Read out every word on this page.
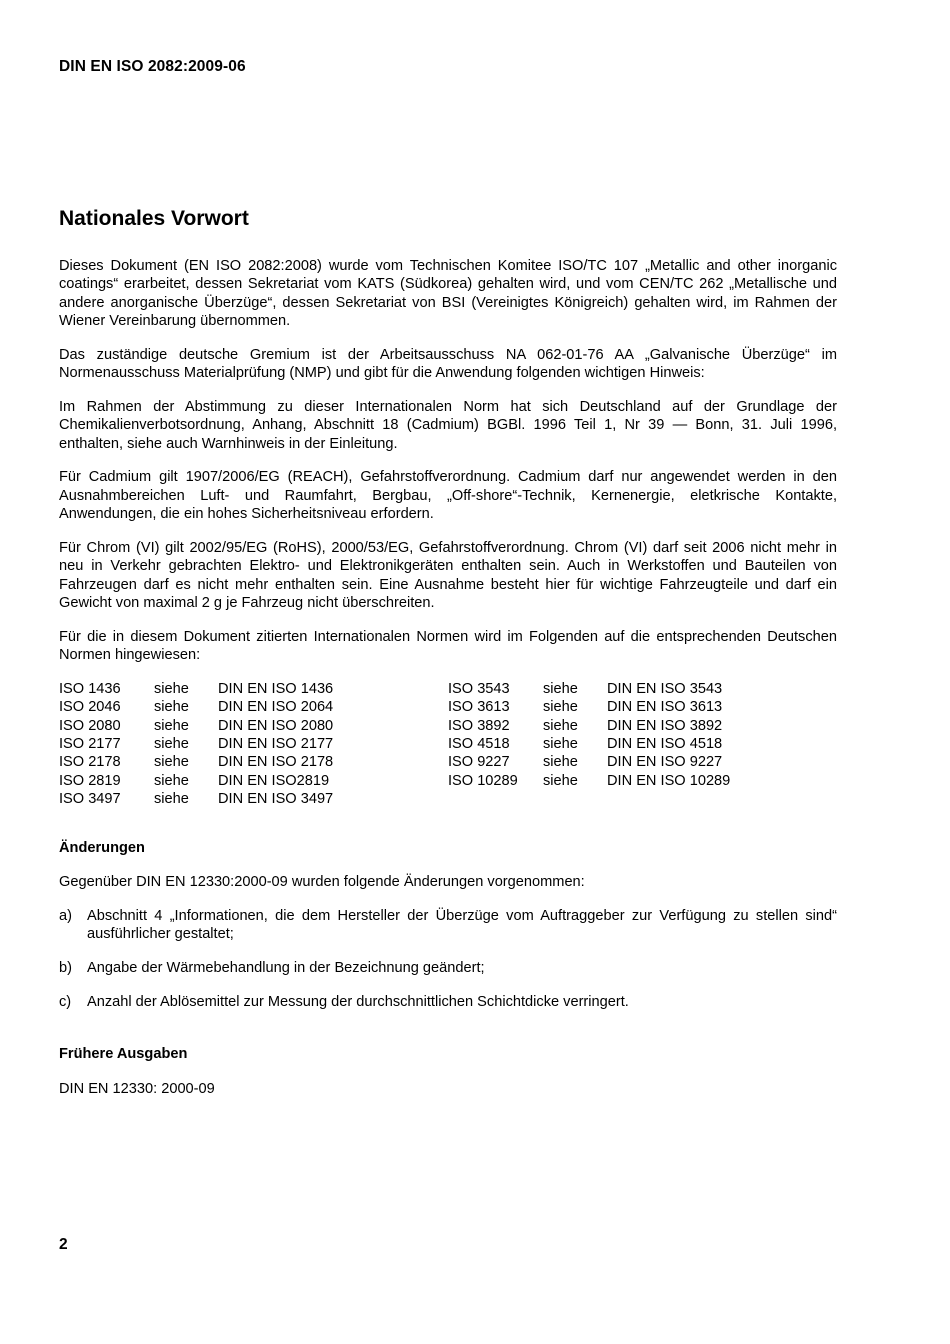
DIN EN ISO 2082:2009-06
Nationales Vorwort

Dieses Dokument (EN ISO 2082:2008) wurde vom Technischen Komitee ISO/TC 107 „Metallic and other inorganic coatings“ erarbeitet, dessen Sekretariat vom KATS (Südkorea) gehalten wird, und vom CEN/TC 262 „Metallische und andere anorganische Überzüge“, dessen Sekretariat von BSI (Vereinigtes Königreich) gehalten wird, im Rahmen der Wiener Vereinbarung übernommen.

Das zuständige deutsche Gremium ist der Arbeitsausschuss NA 062-01-76 AA „Galvanische Überzüge“ im Normenausschuss Materialprüfung (NMP) und gibt für die Anwendung folgenden wichtigen Hinweis:

Im Rahmen der Abstimmung zu dieser Internationalen Norm hat sich Deutschland auf der Grundlage der Chemikalienverbotsordnung, Anhang, Abschnitt 18 (Cadmium) BGBl. 1996 Teil 1, Nr 39 — Bonn, 31. Juli 1996, enthalten, siehe auch Warnhinweis in der Einleitung.

Für Cadmium gilt 1907/2006/EG (REACH), Gefahrstoffverordnung. Cadmium darf nur angewendet werden in den Ausnahmbereichen Luft- und Raumfahrt, Bergbau, „Off-shore“-Technik, Kernenergie, eletkrische Kontakte, Anwendungen, die ein hohes Sicherheitsniveau erfordern.

Für Chrom (VI) gilt 2002/95/EG (RoHS), 2000/53/EG, Gefahrstoffverordnung. Chrom (VI) darf seit 2006 nicht mehr in neu in Verkehr gebrachten Elektro- und Elektronikgeräten enthalten sein. Auch in Werkstoffen und Bauteilen von Fahrzeugen darf es nicht mehr enthalten sein. Eine Ausnahme besteht hier für wichtige Fahrzeugteile und darf ein Gewicht von maximal 2 g je Fahrzeug nicht überschreiten.

Für die in diesem Dokument zitierten Internationalen Normen wird im Folgenden auf die entsprechenden Deutschen Normen hingewiesen:

ISO 1436	siehe	DIN EN ISO 1436
ISO 2046	siehe	DIN EN ISO 2064
ISO 2080	siehe	DIN EN ISO 2080
ISO 2177	siehe	DIN EN ISO 2177
ISO 2178	siehe	DIN EN ISO 2178
ISO 2819	siehe	DIN EN ISO2819
ISO 3497	siehe	DIN EN ISO 3497
ISO 3543	siehe	DIN EN ISO 3543
ISO 3613	siehe	DIN EN ISO 3613
ISO 3892	siehe	DIN EN ISO 3892
ISO 4518	siehe	DIN EN ISO 4518
ISO 9227	siehe	DIN EN ISO 9227
ISO 10289	siehe	DIN EN ISO 10289
Änderungen

Gegenüber DIN EN 12330:2000-09 wurden folgende Änderungen vorgenommen:

a)	Abschnitt 4 „Informationen, die dem Hersteller der Überzüge vom Auftraggeber zur Verfügung zu stellen sind“ ausführlicher gestaltet;
b)	Angabe der Wärmebehandlung in der Bezeichnung geändert;
c)	Anzahl der Ablösemittel zur Messung der durchschnittlichen Schichtdicke verringert.
Frühere Ausgaben

DIN EN 12330: 2000-09

2
